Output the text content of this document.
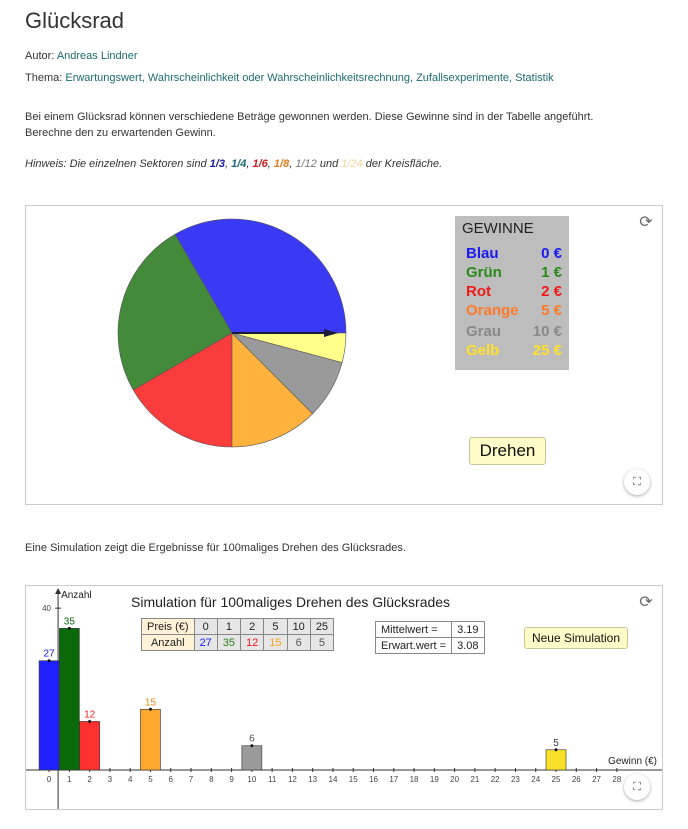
Glücksrad
Autor: Andreas Lindner
Thema: Erwartungswert, Wahrscheinlichkeit oder Wahrscheinlichkeitsrechnung, Zufallsexperimente, Statistik
Bei einem Glücksrad können verschiedene Beträge gewonnen werden. Diese Gewinne sind in der Tabelle angeführt.
Berechne den zu erwartenden Gewinn.
Hinweis: Die einzelnen Sektoren sind 1/3, 1/4, 1/6, 1/8, 1/12 und 1/24 der Kreisfläche.
⟳
⛶
GEWINNE
Blau	0 €
Grün	1 €
Rot	2 €
Orange 5 €
Grau 10 €
Gelb 25 €
Drehen
Eine Simulation zeigt die Ergebnisse für 100maliges Drehen des Glücksrades.
Anzahl
Gewinn (€)
40
0 1 2 3 4 5 6 7 8 9 10 11 12 13 14 15 16 17 18 19 20 21 22 23 24 25 26 27 28
27
35
12
15
6	5
⟳
⛶
Simulation für 100maliges Drehen des Glücksrades
Preis (€)	0	1	2	5	10	25
Anzahl	27	35	12	15	6	5
Mittelwert =	3.19
Erwart.wert =	3.08
Neue Simulation
